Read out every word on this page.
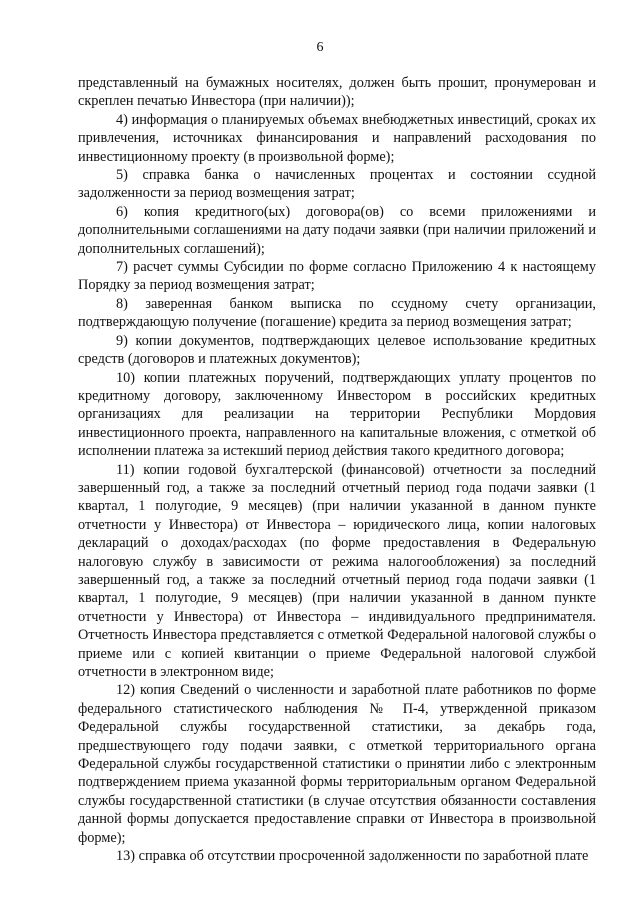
6

представленный на бумажных носителях, должен быть прошит, пронумерован и скреплен печатью Инвестора (при наличии));

4) информация о планируемых объемах внебюджетных инвестиций, сроках их привлечения, источниках финансирования и направлений расходования по инвестиционному проекту (в произвольной форме);

5) справка банка о начисленных процентах и состоянии ссудной задолженности за период возмещения затрат;

6) копия кредитного(ых) договора(ов) со всеми приложениями и дополнительными соглашениями на дату подачи заявки (при наличии приложений и дополнительных соглашений);

7) расчет суммы Субсидии по форме согласно Приложению 4 к настоящему Порядку за период возмещения затрат;

8) заверенная банком выписка по ссудному счету организации, подтверждающую получение (погашение) кредита за период возмещения затрат;

9) копии документов, подтверждающих целевое использование кредитных средств (договоров и платежных документов);

10) копии платежных поручений, подтверждающих уплату процентов по кредитному договору, заключенному Инвестором в российских кредитных организациях для реализации на территории Республики Мордовия инвестиционного проекта, направленного на капитальные вложения, с отметкой об исполнении платежа за истекший период действия такого кредитного договора;

11) копии годовой бухгалтерской (финансовой) отчетности за последний завершенный год, а также за последний отчетный период года подачи заявки (1 квартал, 1 полугодие, 9 месяцев) (при наличии указанной в данном пункте отчетности у Инвестора) от Инвестора – юридического лица, копии налоговых деклараций о доходах/расходах (по форме предоставления в Федеральную налоговую службу в зависимости от режима налогообложения) за последний завершенный год, а также за последний отчетный период года подачи заявки (1 квартал, 1 полугодие, 9 месяцев) (при наличии указанной в данном пункте отчетности у Инвестора) от Инвестора – индивидуального предпринимателя. Отчетность Инвестора представляется с отметкой Федеральной налоговой службы о приеме или с копией квитанции о приеме Федеральной налоговой службой отчетности в электронном виде;

12) копия Сведений о численности и заработной плате работников по форме федерального статистического наблюдения № П-4, утвержденной приказом Федеральной службы государственной статистики, за декабрь года, предшествующего году подачи заявки, с отметкой территориального органа Федеральной службы государственной статистики о принятии либо с электронным подтверждением приема указанной формы территориальным органом Федеральной службы государственной статистики (в случае отсутствия обязанности составления данной формы допускается предоставление справки от Инвестора в произвольной форме);

13) справка об отсутствии просроченной задолженности по заработной плате
